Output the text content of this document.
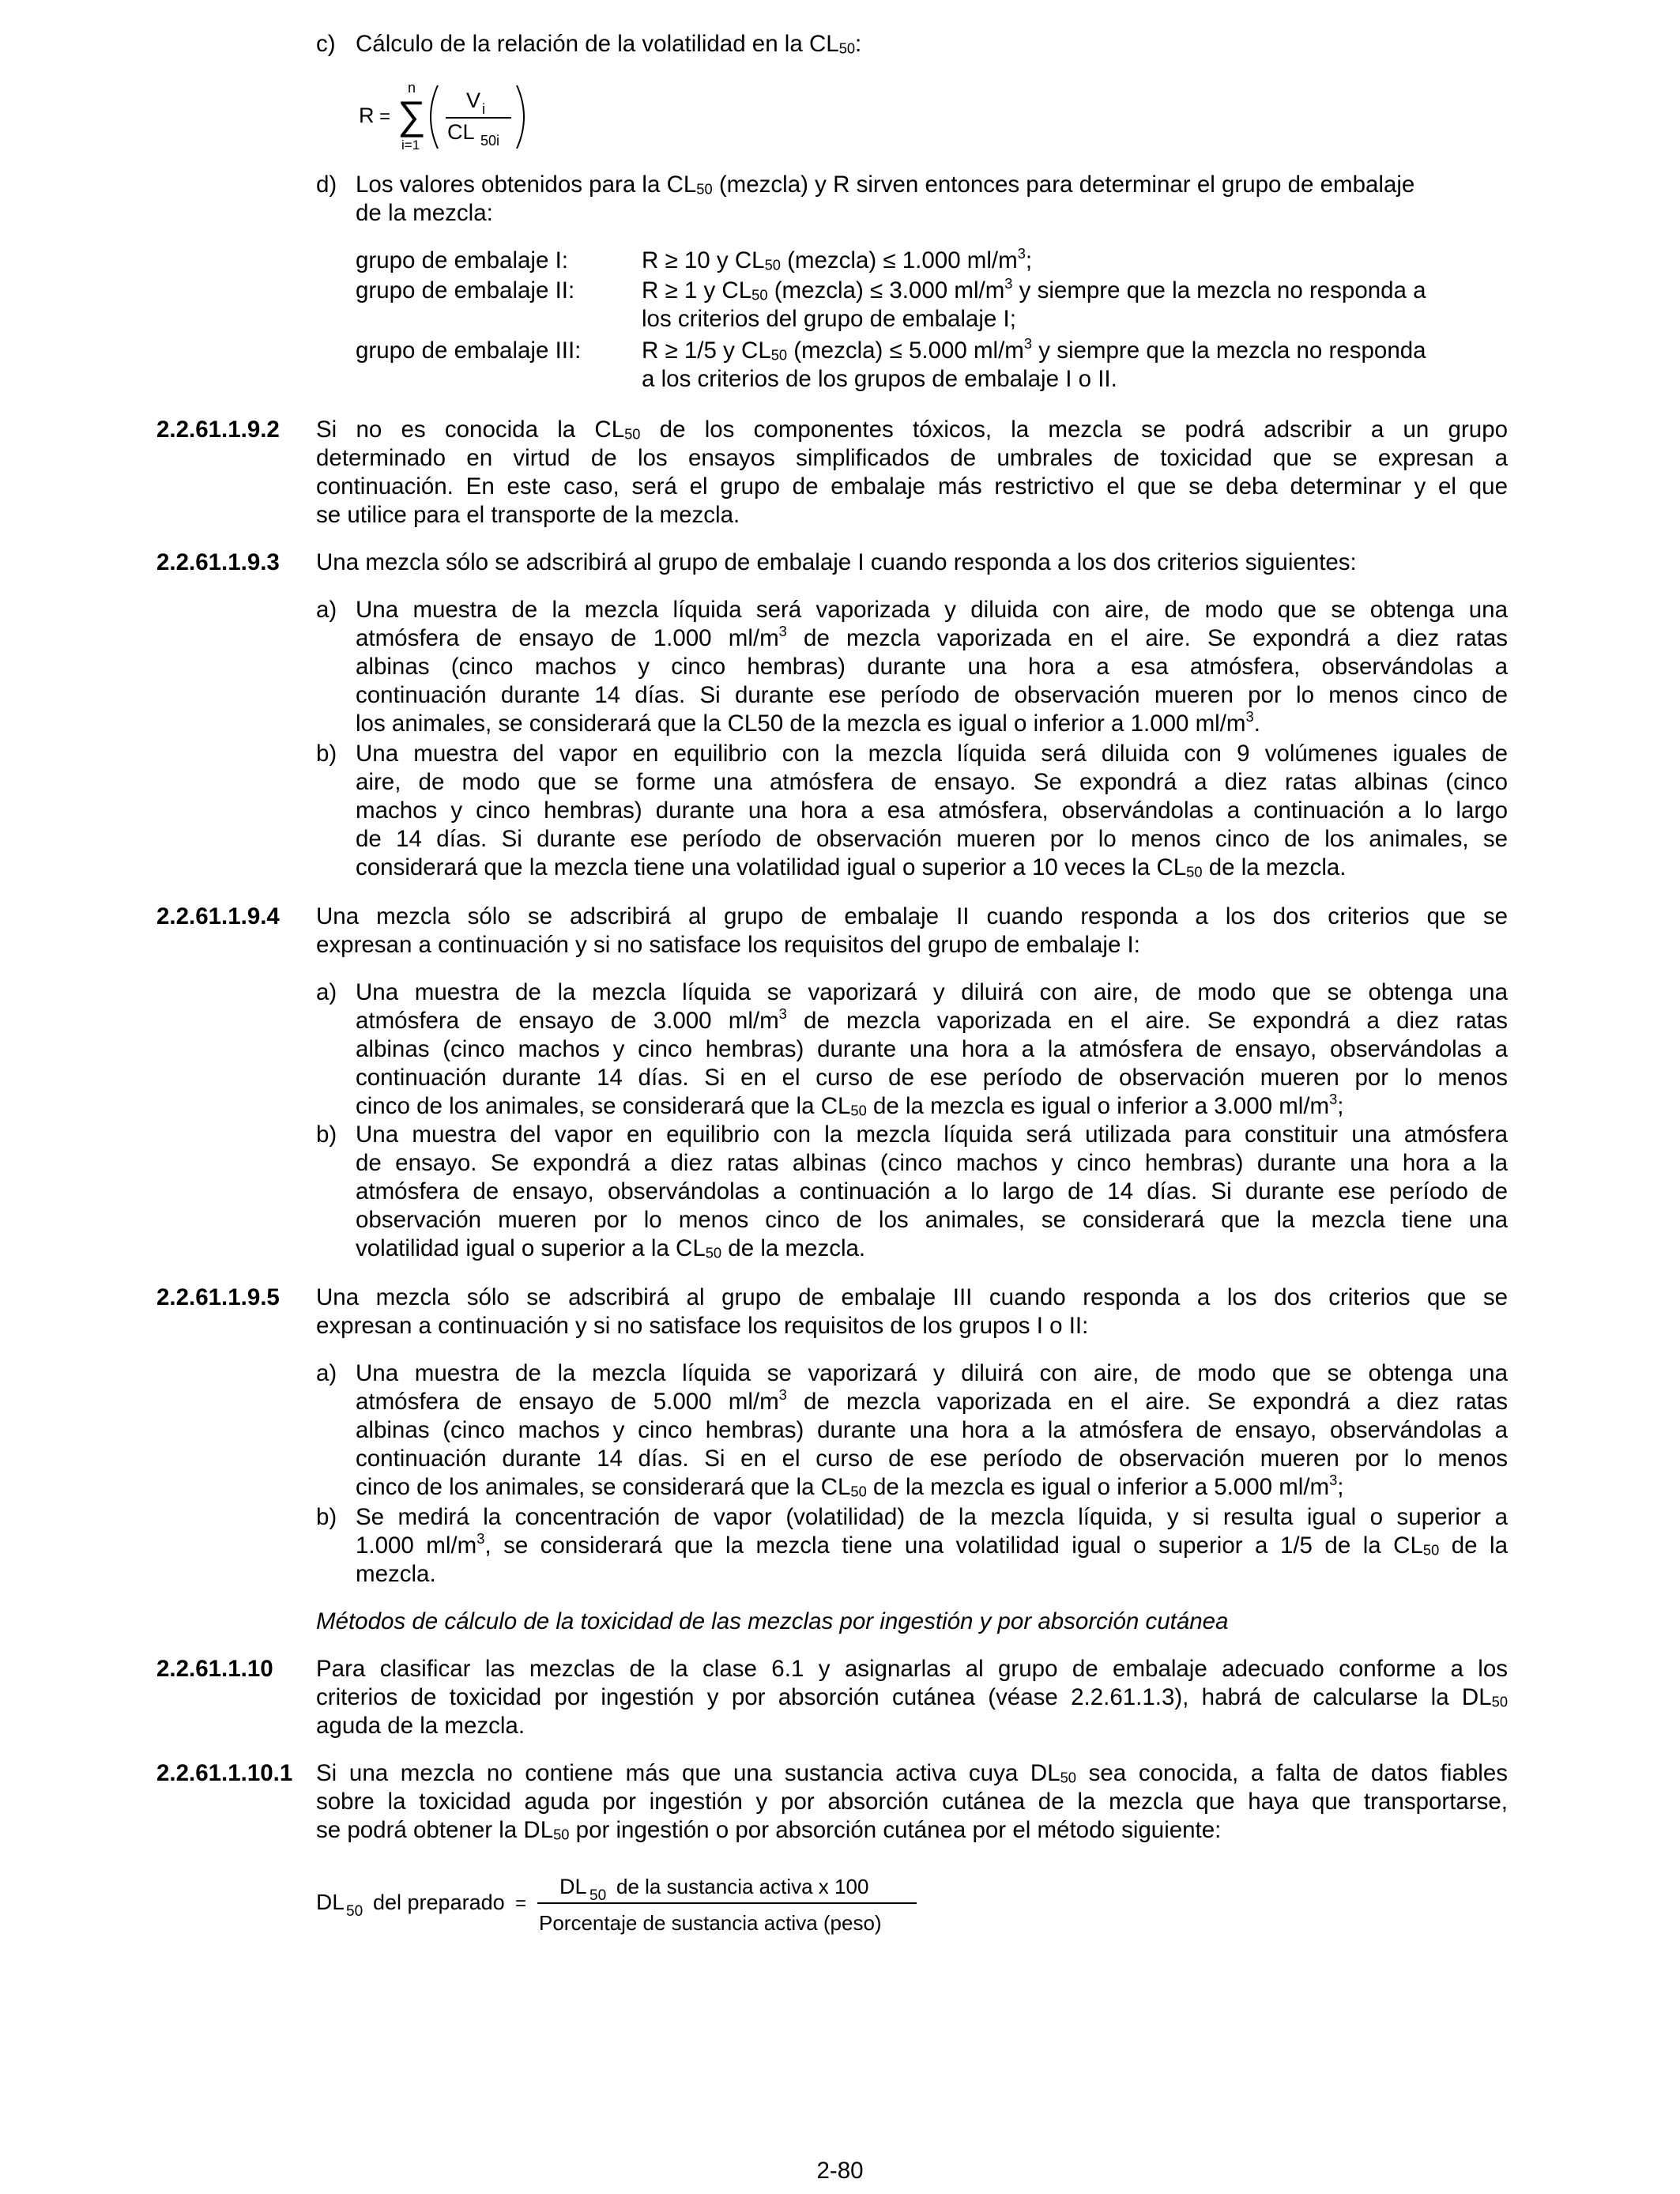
c) Cálculo de la relación de la volatilidad en la $CL_{50}$:
R =
n
∑
i=1
V i
CL 50i
d) Los valores obtenidos para la $CL_{50}$ (mezcla) y R sirven entonces para determinar el grupo de embalaje
de la mezcla:
grupo de embalaje I:	R ≥ 10 y $CL_{50}$ (mezcla) ≤ 1.000 $ml/m^3$;
grupo de embalaje II:	R ≥ 1 y $CL_{50}$ (mezcla) ≤ 3.000 $ml/m^3$ y siempre que la mezcla no responda a
los criterios del grupo de embalaje I;
grupo de embalaje III:	R ≥ 1/5 y $CL_{50}$ (mezcla) ≤ 5.000 $ml/m^3$ y siempre que la mezcla no responda
a los criterios de los grupos de embalaje I o II.
2.2.61.1.9.2 Si no es conocida la $CL_{50}$ de los componentes tóxicos, la mezcla se podrá adscribir a un grupo
determinado en virtud de los ensayos simplificados de umbrales de toxicidad que se expresan a
continuación. En este caso, será el grupo de embalaje más restrictivo el que se deba determinar y el que
se utilice para el transporte de la mezcla.
2.2.61.1.9.3 Una mezcla sólo se adscribirá al grupo de embalaje I cuando responda a los dos criterios siguientes:
a) Una muestra de la mezcla líquida será vaporizada y diluida con aire, de modo que se obtenga una
atmósfera de ensayo de 1.000 $ml/m^3$ de mezcla vaporizada en el aire. Se expondrá a diez ratas
albinas (cinco machos y cinco hembras) durante una hora a esa atmósfera, observándolas a
continuación durante 14 días. Si durante ese período de observación mueren por lo menos cinco de
los animales, se considerará que la CL50 de la mezcla es igual o inferior a 1.000 $ml/m^3$.
b) Una muestra del vapor en equilibrio con la mezcla líquida será diluida con 9 volúmenes iguales de
aire, de modo que se forme una atmósfera de ensayo. Se expondrá a diez ratas albinas (cinco
machos y cinco hembras) durante una hora a esa atmósfera, observándolas a continuación a lo largo
de 14 días. Si durante ese período de observación mueren por lo menos cinco de los animales, se
considerará que la mezcla tiene una volatilidad igual o superior a 10 veces la $CL_{50}$ de la mezcla.
2.2.61.1.9.4 Una mezcla sólo se adscribirá al grupo de embalaje II cuando responda a los dos criterios que se
expresan a continuación y si no satisface los requisitos del grupo de embalaje I:
a) Una muestra de la mezcla líquida se vaporizará y diluirá con aire, de modo que se obtenga una
atmósfera de ensayo de 3.000 $ml/m^3$ de mezcla vaporizada en el aire. Se expondrá a diez ratas
albinas (cinco machos y cinco hembras) durante una hora a la atmósfera de ensayo, observándolas a
continuación durante 14 días. Si en el curso de ese período de observación mueren por lo menos
cinco de los animales, se considerará que la $CL_{50}$ de la mezcla es igual o inferior a 3.000 $ml/m^3$;
b) Una muestra del vapor en equilibrio con la mezcla líquida será utilizada para constituir una atmósfera
de ensayo. Se expondrá a diez ratas albinas (cinco machos y cinco hembras) durante una hora a la
atmósfera de ensayo, observándolas a continuación a lo largo de 14 días. Si durante ese período de
observación mueren por lo menos cinco de los animales, se considerará que la mezcla tiene una
volatilidad igual o superior a la $CL_{50}$ de la mezcla.
2.2.61.1.9.5 Una mezcla sólo se adscribirá al grupo de embalaje III cuando responda a los dos criterios que se
expresan a continuación y si no satisface los requisitos de los grupos I o II:
a) Una muestra de la mezcla líquida se vaporizará y diluirá con aire, de modo que se obtenga una
atmósfera de ensayo de 5.000 $ml/m^3$ de mezcla vaporizada en el aire. Se expondrá a diez ratas
albinas (cinco machos y cinco hembras) durante una hora a la atmósfera de ensayo, observándolas a
continuación durante 14 días. Si en el curso de ese período de observación mueren por lo menos
cinco de los animales, se considerará que la $CL_{50}$ de la mezcla es igual o inferior a 5.000 $ml/m^3$;
b) Se medirá la concentración de vapor (volatilidad) de la mezcla líquida, y si resulta igual o superior a
1.000 $ml/m^3$, se considerará que la mezcla tiene una volatilidad igual o superior a 1/5 de la $CL_{50}$ de la
mezcla.
Métodos de cálculo de la toxicidad de las mezclas por ingestión y por absorción cutánea
2.2.61.1.10 Para clasificar las mezclas de la clase 6.1 y asignarlas al grupo de embalaje adecuado conforme a los
criterios de toxicidad por ingestión y por absorción cutánea (véase 2.2.61.1.3), habrá de calcularse la $DL_{50}$
aguda de la mezcla.
2.2.61.1.10.1 Si una mezcla no contiene más que una sustancia activa cuya $DL_{50}$ sea conocida, a falta de datos fiables
sobre la toxicidad aguda por ingestión y por absorción cutánea de la mezcla que haya que transportarse,
se podrá obtener la $DL_{50}$ por ingestión o por absorción cutánea por el método siguiente:
DL 50 del preparado =
DL 50 de la sustancia activa x 100
Porcentaje de sustancia activa (peso)
2-80
